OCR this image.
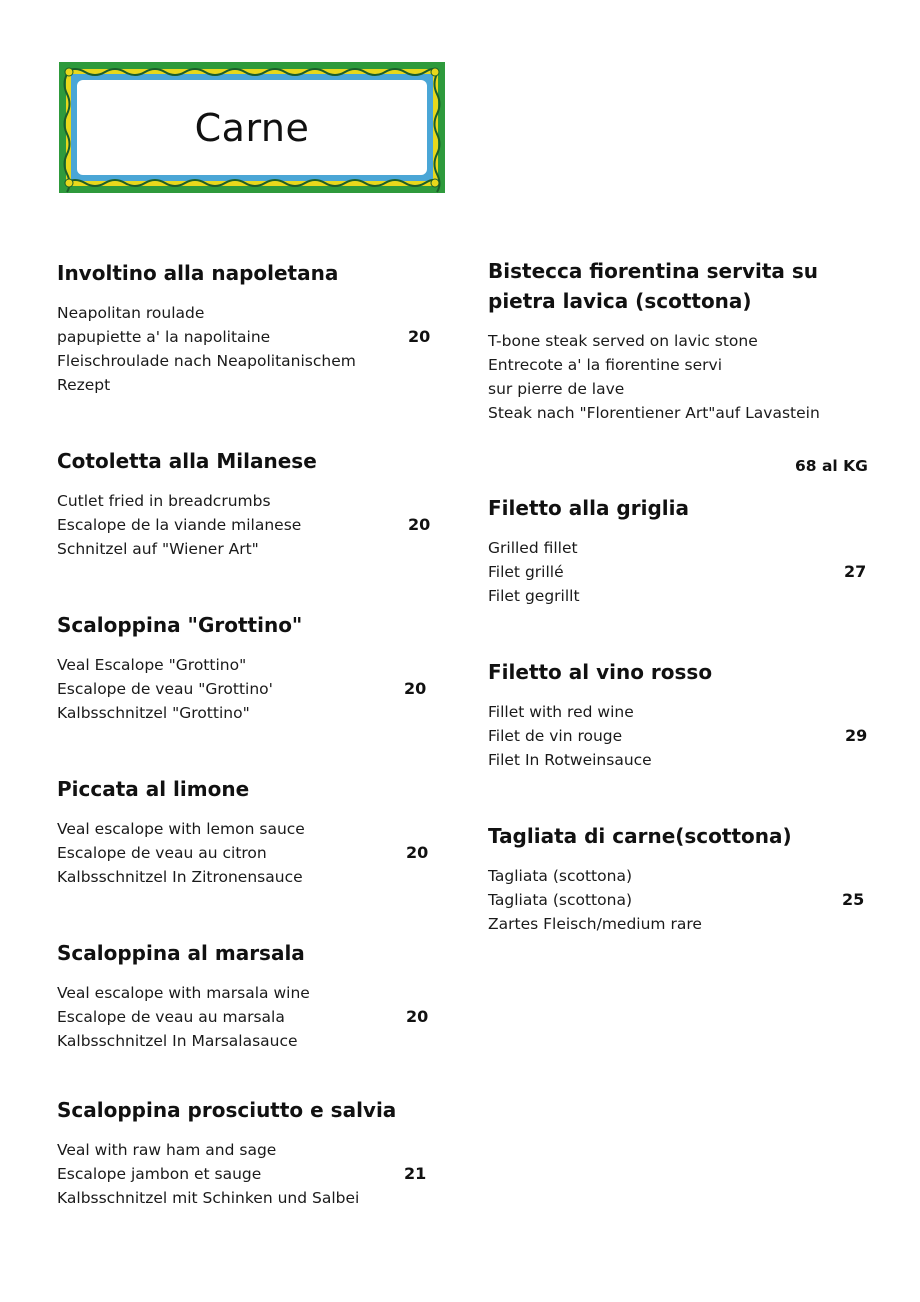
Carne
Involtino alla napoletana
Neapolitan roulade
papupiette a' la napolitaine
Fleischroulade nach Neapolitanischem
Rezept
20
Cotoletta alla Milanese
Cutlet fried in breadcrumbs
Escalope de la viande milanese
Schnitzel auf "Wiener Art"
20
Scaloppina "Grottino"
Veal Escalope "Grottino"
Escalope de veau "Grottino'
Kalbsschnitzel "Grottino"
20
Piccata al limone
Veal escalope with lemon sauce
Escalope de veau au citron
Kalbsschnitzel In Zitronensauce
20
Scaloppina al marsala
Veal escalope with marsala wine
Escalope de veau au marsala
Kalbsschnitzel In Marsalasauce
20
Scaloppina prosciutto e salvia
Veal with raw ham and sage
Escalope jambon et sauge
Kalbsschnitzel mit Schinken und Salbei
21
Bistecca fiorentina servita su pietra lavica (scottona)
T-bone steak served on lavic stone
Entrecote a' la fiorentine servi
sur pierre de lave
Steak nach "Florentiener Art"auf Lavastein
Filetto alla griglia
Grilled fillet
Filet grillé
Filet gegrillt
27
Filetto al vino rosso
Fillet with red wine
Filet de vin rouge
Filet In Rotweinsauce
29
Tagliata di carne(scottona)
Tagliata (scottona)
Tagliata (scottona)
Zartes Fleisch/medium rare
25
68 al KG
